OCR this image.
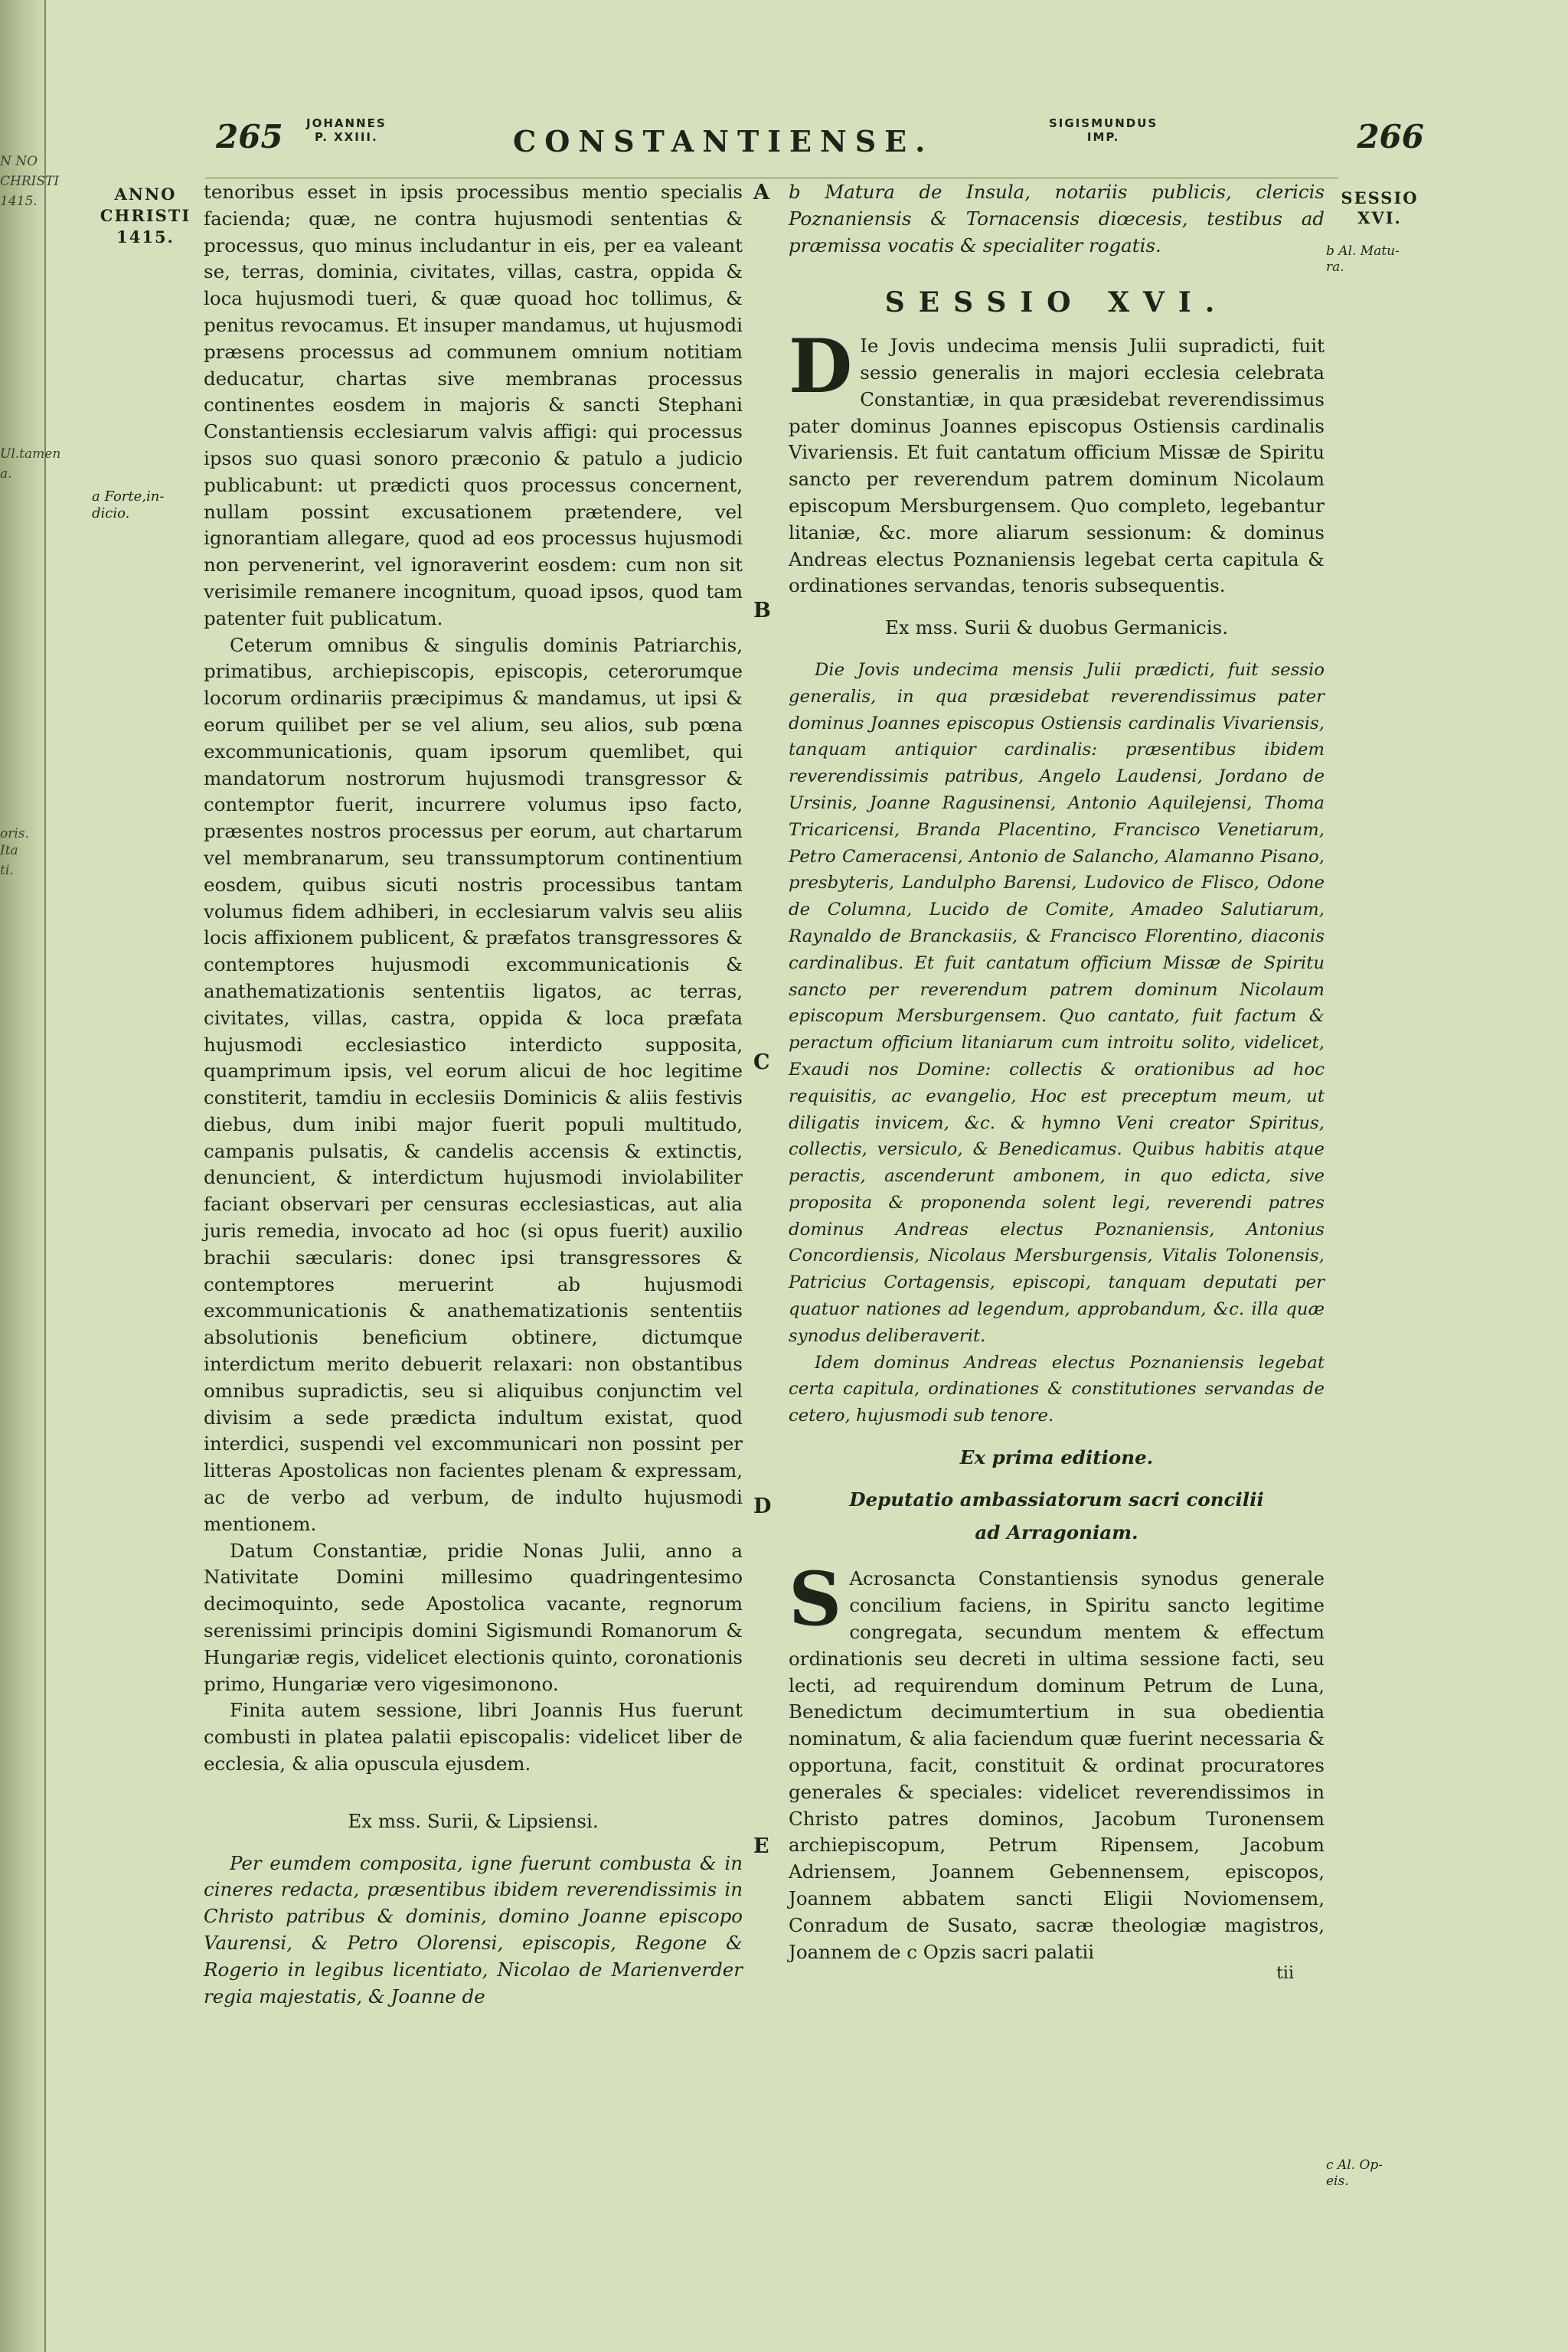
N NO
CHRISTI
1415.
Ul.tamen
a.
oris. Ita
ti.
265 JOHANNES
P. XXIII.	CONSTANTIENSE.
SIGISMUNDUS
IMP.	266
ANNO
CHRISTI
1415.
a Forte,in-
dicio.
SESSIO
XVI.
b Al. Matu-
ra.
c Al. Op-
eis.
A
B
C
D
E

tenoribus esset in ipsis processibus mentio specialis facienda; quæ, ne contra hujusmodi sententias & processus, quo minus includantur in eis, per ea valeant se, terras, dominia, civitates, villas, castra, oppida & loca hujusmodi tueri, & quæ quoad hoc tollimus, & penitus revocamus. Et insuper mandamus, ut hujusmodi præsens processus ad communem omnium notitiam deducatur, chartas sive membranas processus continentes eosdem in majoris & sancti Stephani Constantiensis ecclesiarum valvis affigi: qui processus ipsos suo quasi sonoro præconio & patulo a judicio publicabunt: ut prædicti quos processus concernent, nullam possint excusationem prætendere, vel ignorantiam allegare, quod ad eos processus hujusmodi non pervenerint, vel ignoraverint eosdem: cum non sit verisimile remanere incognitum, quoad ipsos, quod tam patenter fuit publicatum.

Ceterum omnibus & singulis dominis Patriarchis, primatibus, archiepiscopis, episcopis, ceterorumque locorum ordinariis præcipimus & mandamus, ut ipsi & eorum quilibet per se vel alium, seu alios, sub pœna excommunicationis, quam ipsorum quemlibet, qui mandatorum nostrorum hujusmodi transgressor & contemptor fuerit, incurrere volumus ipso facto, præsentes nostros processus per eorum, aut chartarum vel membranarum, seu transsumptorum continentium eosdem, quibus sicuti nostris processibus tantam volumus fidem adhiberi, in ecclesiarum valvis seu aliis locis affixionem publicent, & præfatos transgressores & contemptores hujusmodi excommunicationis & anathematizationis sententiis ligatos, ac terras, civitates, villas, castra, oppida & loca præfata hujusmodi ecclesiastico interdicto supposita, quamprimum ipsis, vel eorum alicui de hoc legitime constiterit, tamdiu in ecclesiis Dominicis & aliis festivis diebus, dum inibi major fuerit populi multitudo, campanis pulsatis, & candelis accensis & extinctis, denuncient, & interdictum hujusmodi inviolabiliter faciant observari per censuras ecclesiasticas, aut alia juris remedia, invocato ad hoc (si opus fuerit) auxilio brachii sæcularis: donec ipsi transgressores & contemptores meruerint ab hujusmodi excommunicationis & anathematizationis sententiis absolutionis beneficium obtinere, dictumque interdictum merito debuerit relaxari: non obstantibus omnibus supradictis, seu si aliquibus conjunctim vel divisim a sede prædicta indultum existat, quod interdici, suspendi vel excommunicari non possint per litteras Apostolicas non facientes plenam & expressam, ac de verbo ad verbum, de indulto hujusmodi mentionem.

Datum Constantiæ, pridie Nonas Julii, anno a Nativitate Domini millesimo quadringentesimo decimoquinto, sede Apostolica vacante, regnorum serenissimi principis domini Sigismundi Romanorum & Hungariæ regis, videlicet electionis quinto, coronationis primo, Hungariæ vero vigesimonono.

Finita autem sessione, libri Joannis Hus fuerunt combusti in platea palatii episcopalis: videlicet liber de ecclesia, & alia opuscula ejusdem.

Ex mss. Surii, & Lipsiensi.

Per eumdem composita, igne fuerunt combusta & in cineres redacta, præsentibus ibidem reverendissimis in Christo patribus & dominis, domino Joanne episcopo Vaurensi, & Petro Olorensi, episcopis, Regone & Rogerio in legibus licentiato, Nicolao de Marienverder regia majestatis, & Joanne de

b Matura de Insula, notariis publicis, clericis Poznaniensis & Tornacensis diœcesis, testibus ad præmissa vocatis & specialiter rogatis.

SESSIO XVI.

D Ie Jovis undecima mensis Julii supradicti, fuit sessio generalis in majori ecclesia celebrata Constantiæ, in qua præsidebat reverendissimus pater dominus Joannes episcopus Ostiensis cardinalis Vivariensis. Et fuit cantatum officium Missæ de Spiritu sancto per reverendum patrem dominum Nicolaum episcopum Mersburgensem. Quo completo, legebantur litaniæ, &c. more aliarum sessionum: & dominus Andreas electus Poznaniensis legebat certa capitula & ordinationes servandas, tenoris subsequentis.

Ex mss. Surii & duobus Germanicis.

Die Jovis undecima mensis Julii prædicti, fuit sessio generalis, in qua præsidebat reverendissimus pater dominus Joannes episcopus Ostiensis cardinalis Vivariensis, tanquam antiquior cardinalis: præsentibus ibidem reverendissimis patribus, Angelo Laudensi, Jordano de Ursinis, Joanne Ragusinensi, Antonio Aquilejensi, Thoma Tricaricensi, Branda Placentino, Francisco Venetiarum, Petro Cameracensi, Antonio de Salancho, Alamanno Pisano, presbyteris, Landulpho Barensi, Ludovico de Flisco, Odone de Columna, Lucido de Comite, Amadeo Salutiarum, Raynaldo de Branckasiis, & Francisco Florentino, diaconis cardinalibus. Et fuit cantatum officium Missæ de Spiritu sancto per reverendum patrem dominum Nicolaum episcopum Mersburgensem. Quo cantato, fuit factum & peractum officium litaniarum cum introitu solito, videlicet, Exaudi nos Domine: collectis & orationibus ad hoc requisitis, ac evangelio, Hoc est preceptum meum, ut diligatis invicem, &c. & hymno Veni creator Spiritus, collectis, versiculo, & Benedicamus. Quibus habitis atque peractis, ascenderunt ambonem, in quo edicta, sive proposita & proponenda solent legi, reverendi patres dominus Andreas electus Poznaniensis, Antonius Concordiensis, Nicolaus Mersburgensis, Vitalis Tolonensis, Patricius Cortagensis, episcopi, tanquam deputati per quatuor nationes ad legendum, approbandum, &c. illa quæ synodus deliberaverit.

Idem dominus Andreas electus Poznaniensis legebat certa capitula, ordinationes & constitutiones servandas de cetero, hujusmodi sub tenore.

Ex prima editione.

Deputatio ambassiatorum sacri concilii

ad Arragoniam.

S Acrosancta Constantiensis synodus generale concilium faciens, in Spiritu sancto legitime congregata, secundum mentem & effectum ordinationis seu decreti in ultima sessione facti, seu lecti, ad requirendum dominum Petrum de Luna, Benedictum decimumtertium in sua obedientia nominatum, & alia faciendum quæ fuerint necessaria & opportuna, facit, constituit & ordinat procuratores generales & speciales: videlicet reverendissimos in Christo patres dominos, Jacobum Turonensem archiepiscopum, Petrum Ripensem, Jacobum Adriensem, Joannem Gebennensem, episcopos, Joannem abbatem sancti Eligii Noviomensem, Conradum de Susato, sacræ theologiæ magistros, Joannem de c Opzis sacri palatii

tii
